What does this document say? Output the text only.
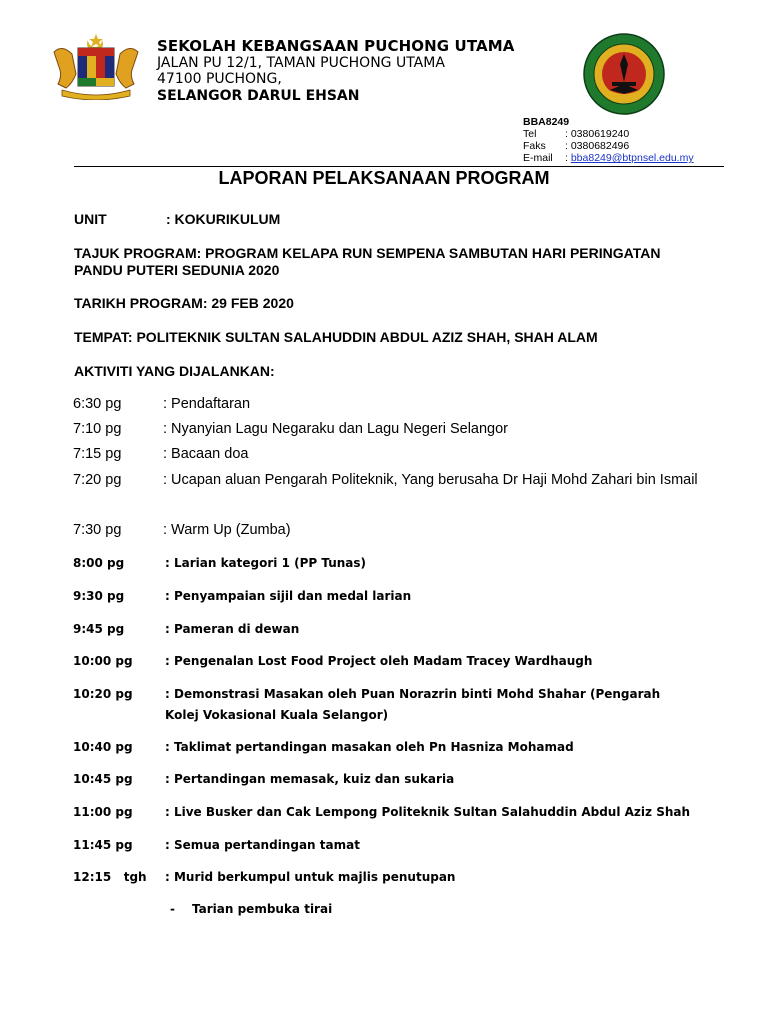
SEKOLAH KEBANGSAAN PUCHONG UTAMA
JALAN PU 12/1, TAMAN PUCHONG UTAMA
47100 PUCHONG,
SELANGOR DARUL EHSAN
BBA8249
Tel	: 0380619240
Faks : 0380682496
E-mail : bba8249@btpnsel.edu.my
LAPORAN PELAKSANAAN PROGRAM
UNIT	: KOKURIKULUM
TAJUK PROGRAM: PROGRAM KELAPA RUN SEMPENA SAMBUTAN HARI PERINGATAN PANDU PUTERI SEDUNIA 2020
TARIKH PROGRAM: 29 FEB 2020
TEMPAT: POLITEKNIK SULTAN SALAHUDDIN ABDUL AZIZ SHAH, SHAH ALAM
AKTIVITI YANG DIJALANKAN:
6:30 pg	: Pendaftaran
7:10 pg	: Nyanyian Lagu Negaraku dan Lagu Negeri Selangor
7:15 pg	: Bacaan doa
7:20 pg	: Ucapan aluan Pengarah Politeknik, Yang berusaha Dr Haji Mohd Zahari bin Ismail
7:30 pg	: Warm Up (Zumba)
8:00 pg	: Larian kategori 1 (PP Tunas)
9:30 pg	: Penyampaian sijil dan medal larian
9:45 pg	: Pameran di dewan
10:00 pg	: Pengenalan Lost Food Project oleh Madam Tracey Wardhaugh
10:20 pg	: Demonstrasi Masakan oleh Puan Norazrin binti Mohd Shahar (Pengarah Kolej Vokasional Kuala Selangor)
10:40 pg	: Taklimat pertandingan masakan oleh Pn Hasniza Mohamad
10:45 pg	: Pertandingan memasak, kuiz dan sukaria
11:00 pg	: Live Busker dan Cak Lempong Politeknik Sultan Salahuddin Abdul Aziz Shah
11:45 pg	: Semua pertandingan tamat
12:15   tgh : Murid berkumpul untuk majlis penutupan
- Tarian pembuka tirai
